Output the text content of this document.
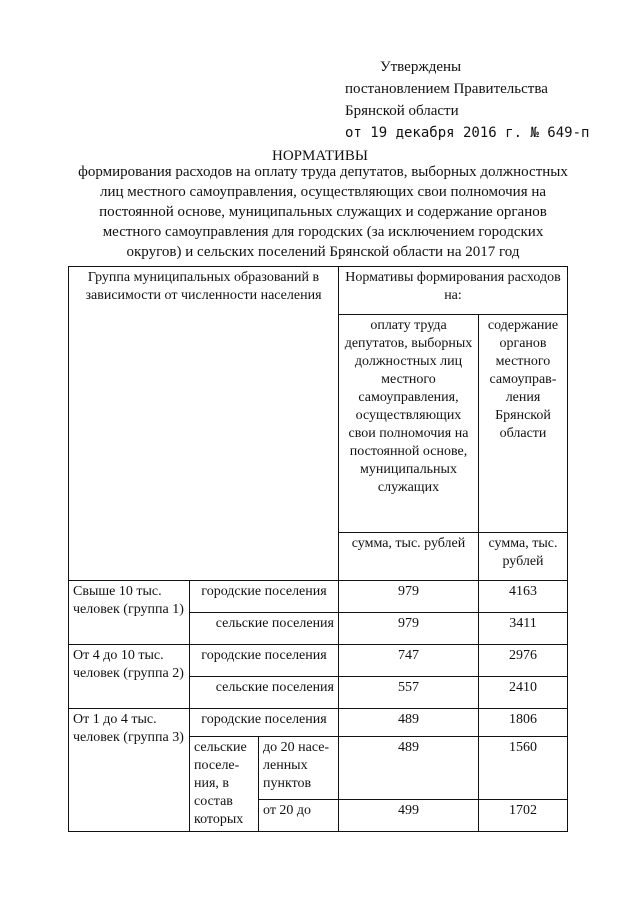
Утверждены
постановлением Правительства
Брянской области
от 19 декабря 2016 г. № 649-п
НОРМАТИВЫ
формирования расходов на оплату труда депутатов, выборных должностных лиц местного самоуправления, осуществляющих свои полномочия на постоянной основе, муниципальных служащих и содержание органов местного самоуправления для городских (за исключением городских округов) и сельских поселений Брянской области на 2017 год
Группа муниципальных образований в зависимости от численности населения			Нормативы формирования расходов на:	
			оплату труда депутатов, выборных должностных лиц местного самоуправления, осуществляющих свои полномочия на постоянной основе, муниципальных служащих	содержание органов местного самоуправ-ления Брянской области
			сумма, тыс. рублей	сумма, тыс. рублей
Свыше 10 тыс. человек (группа 1)	городские поселения		979	4163
	сельские поселения		979	3411
От 4 до 10 тыс. человек (группа 2)	городские поселения		747	2976
	сельские поселения		557	2410
От 1 до 4 тыс. человек (группа 3)	городские поселения		489	1806
	сельские поселе-ния, в состав которых	до 20 насе-ленных пунктов	489	1560
		от 20 до	499	1702
